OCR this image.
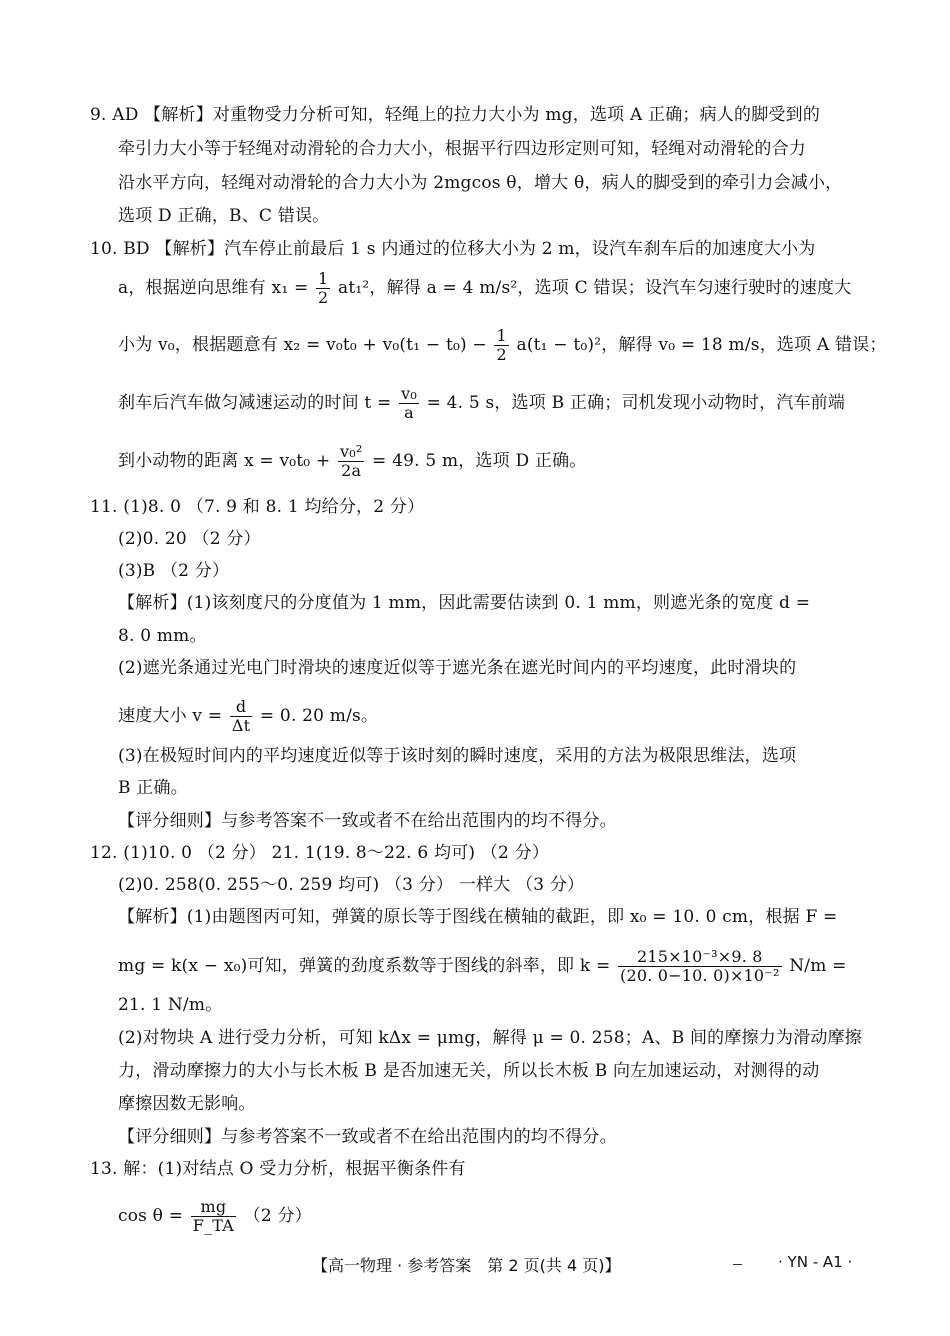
9. AD 【解析】对重物受力分析可知，轻绳上的拉力大小为 mg，选项 A 正确；病人的脚受到的
牵引力大小等于轻绳对动滑轮的合力大小，根据平行四边形定则可知，轻绳对动滑轮的合力
沿水平方向，轻绳对动滑轮的合力大小为 2mgcos θ，增大 θ，病人的脚受到的牵引力会减小，
选项 D 正确，B、C 错误。
10. BD 【解析】汽车停止前最后 1 s 内通过的位移大小为 2 m，设汽车刹车后的加速度大小为
a，根据逆向思维有 $x_1 = \frac{1}{2} at_1^2$，解得 a = 4 m/s²，选项 C 错误；设汽车匀速行驶时的速度大
小为 v₀，根据题意有 $x_2 = v_0t_0 + v_0(t_1 - t_0) - \frac{1}{2} a(t_1 - t_0)^2$，解得 v₀ = 18 m/s，选项 A 错误；
刹车后汽车做匀减速运动的时间 $t = \frac{\text{v₀}}{a} = 4$. 5 s，选项 B 正确；司机发现小动物时，汽车前端
到小动物的距离 $x = v_0t_0 + \frac{\text{v₀²}}{2a} = 49$. 5 m，选项 D 正确。
11. (1)8. 0 （7. 9 和 8. 1 均给分，2 分）
(2)0. 20 （2 分）
(3)B （2 分）
【解析】(1)该刻度尺的分度值为 1 mm，因此需要估读到 0. 1 mm，则遮光条的宽度 d =
8. 0 mm。
(2)遮光条通过光电门时滑块的速度近似等于遮光条在遮光时间内的平均速度，此时滑块的
速度大小 $v = \frac{d}{\Delta t} = 0$. 20 m/s。
(3)在极短时间内的平均速度近似等于该时刻的瞬时速度，采用的方法为极限思维法，选项
B 正确。
【评分细则】与参考答案不一致或者不在给出范围内的均不得分。
12. (1)10. 0 （2 分） 21. 1(19. 8～22. 6 均可) （2 分）
(2)0. 258(0. 255～0. 259 均可) （3 分） 一样大 （3 分）
【解析】(1)由题图丙可知，弹簧的原长等于图线在横轴的截距，即 x₀ = 10. 0 cm，根据 F =
mg = k(x − x₀)可知，弹簧的劲度系数等于图线的斜率，即 $k = \frac{\text{215×10⁻³×9. 8}}{\text{(20. 0−10. 0)×10⁻²}} N/m$ =
21. 1 N/m。
(2)对物块 A 进行受力分析，可知 kΔx = μmg，解得 μ = 0. 258；A、B 间的摩擦力为滑动摩擦
力，滑动摩擦力的大小与长木板 B 是否加速无关，所以长木板 B 向左加速运动，对测得的动
摩擦因数无影响。
【评分细则】与参考答案不一致或者不在给出范围内的均不得分。
13. 解：(1)对结点 O 受力分析，根据平衡条件有
$\cos \theta = \frac{mg}{F\_TA} (2$ 分）
【高一物理 · 参考答案　第 2 页(共 4 页)】	· YN - A1 ·
